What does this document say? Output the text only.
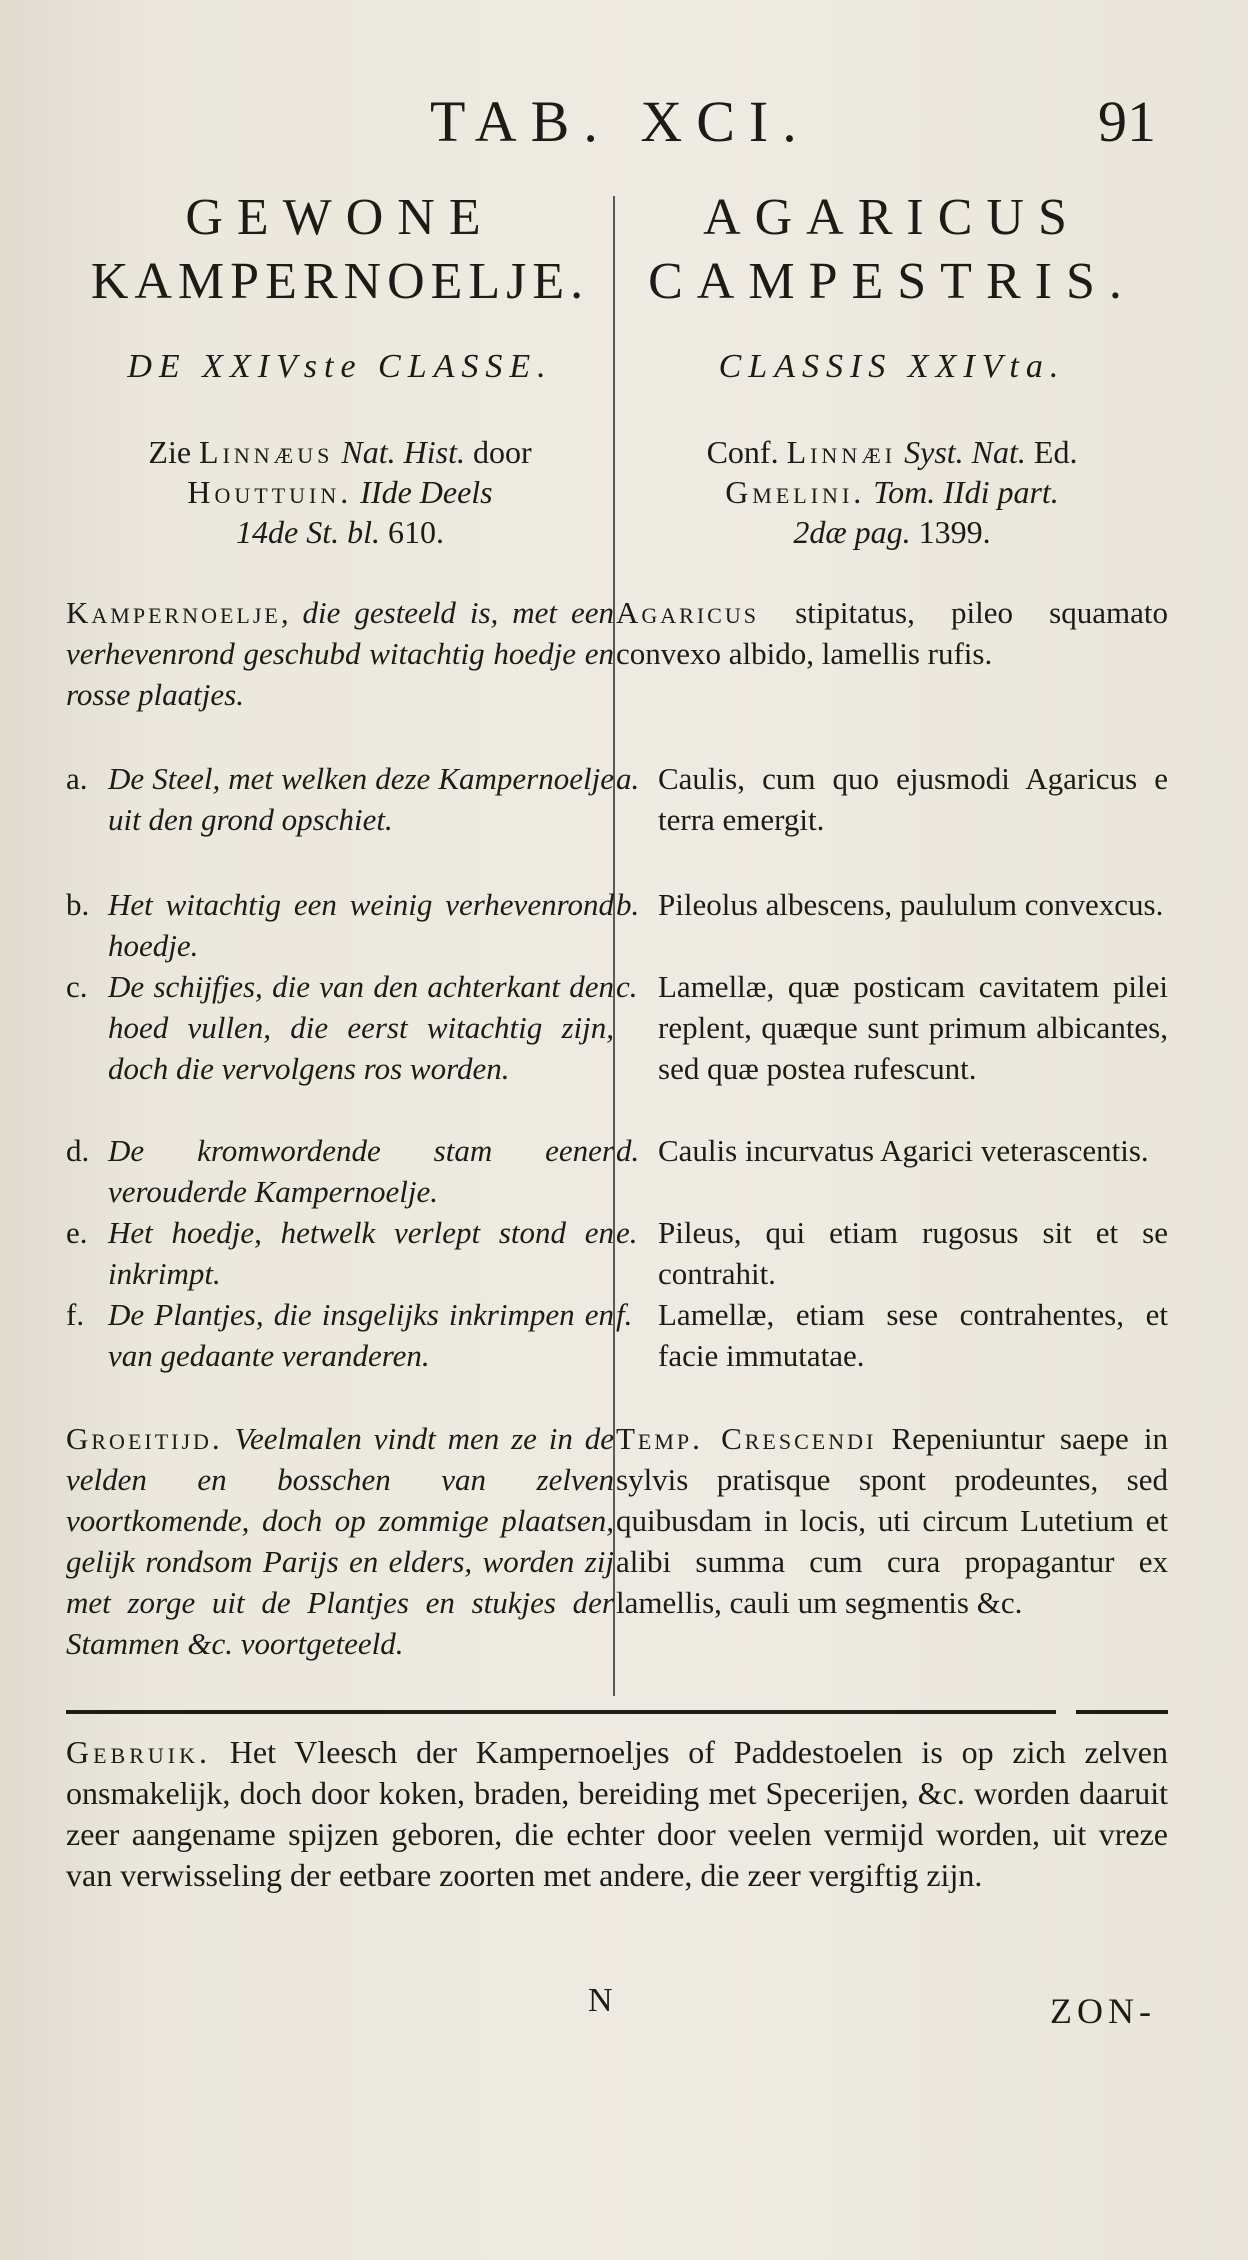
TAB. XCI.	91
GEWONE
KAMPERNOELJE.
DE XXIVste CLASSE.
Zie Linnæus Nat. Hist. door
Houttuin. IIde Deels
14de St. bl. 610.
Kampernoelje, die gesteeld is, met een verhevenrond geschubd witachtig hoedje en rosse plaatjes.
a. De Steel, met welken deze Kampernoelje uit den grond opschiet.
b. Het witachtig een weinig verhevenrond hoedje.
c. De schijfjes, die van den achterkant den hoed vullen, die eerst witachtig zijn, doch die vervolgens ros worden.
d. De kromwordende stam eener verouderde Kampernoelje.
e. Het hoedje, hetwelk verlept stond en inkrimpt.
f. De Plantjes, die insgelijks inkrimpen en van gedaante veranderen.
Groeitijd. Veelmalen vindt men ze in de velden en bosschen van zelven voortkomende, doch op zommige plaatsen, gelijk rondsom Parijs en elders, worden zij met zorge uit de Plantjes en stukjes der Stammen &c. voortgeteeld.
AGARICUS
CAMPESTRIS.
CLASSIS XXIVta.
Conf. Linnæi Syst. Nat. Ed.
Gmelini. Tom. IIdi part.
2dæ pag. 1399.
Agaricus stipitatus, pileo squamato convexo albido, lamellis rufis.
a. Caulis, cum quo ejusmodi Agaricus e terra emergit.
b. Pileolus albescens, paululum convexcus.
c. Lamellæ, quæ posticam cavitatem pilei replent, quæque sunt primum albicantes, sed quæ postea rufescunt.
d. Caulis incurvatus Agarici veterascentis.
e. Pileus, qui etiam rugosus sit et se contrahit.
f. Lamellæ, etiam sese contrahentes, et facie immutatae.
Temp. Crescendi Repeniuntur saepe in sylvis pratisque spont prodeuntes, sed quibusdam in locis, uti circum Lutetium et alibi summa cum cura propagantur ex lamellis, cauli um segmentis &c.
Gebruik. Het Vleesch der Kampernoeljes of Paddestoelen is op zich zelven onsmakelijk, doch door koken, braden, bereiding met Specerijen, &c. worden daaruit zeer aangename spijzen geboren, die echter door veelen vermijd worden, uit vreze van verwisseling der eetbare zoorten met andere, die zeer vergiftig zijn.
N	ZON-
